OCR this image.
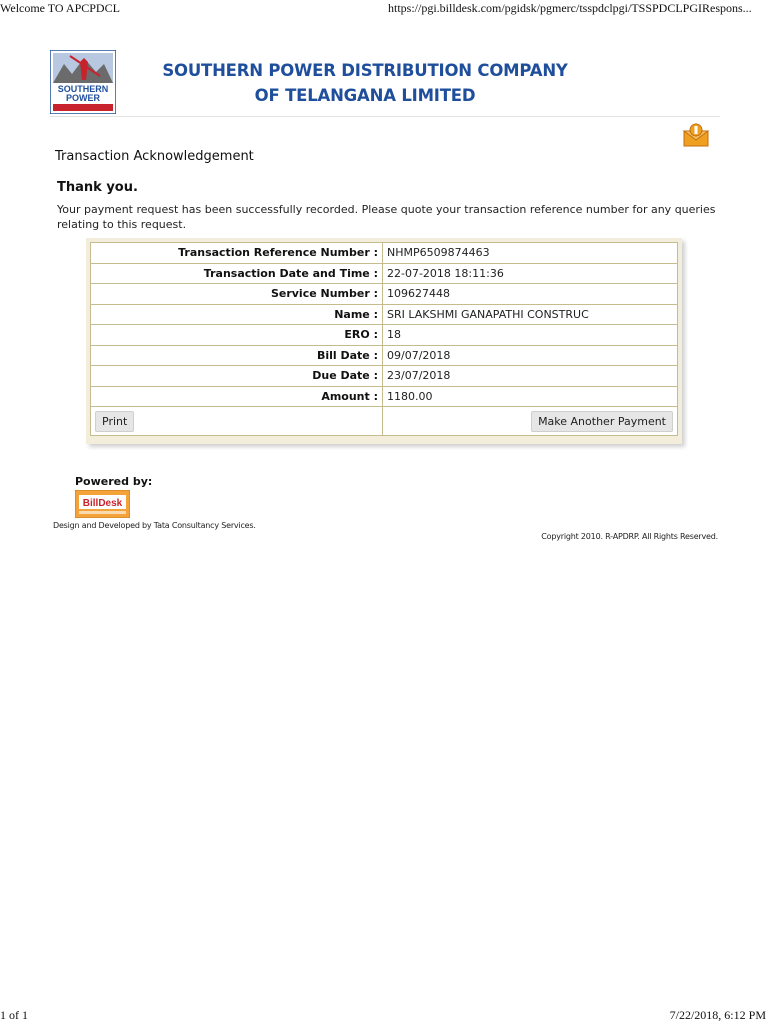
Welcome TO APCPDCL	https://pgi.billdesk.com/pgidsk/pgmerc/tsspdclpgi/TSSPDCLPGIRespons...
SOUTHERN
POWER
SOUTHERN POWER DISTRIBUTION COMPANY
OF TELANGANA LIMITED
Transaction Acknowledgement
Thank you.
Your payment request has been successfully recorded. Please quote your transaction reference number for any queries relating to this request.
Transaction Reference Number :	NHMP6509874463
Transaction Date and Time :	22-07-2018 18:11:36
Service Number :	109627448
Name :	SRI LAKSHMI GANAPATHI CONSTRUC
ERO :	18
Bill Date :	09/07/2018
Due Date :	23/07/2018
Amount :	1180.00
Print	Make Another Payment
Powered by:
BillDesk
Design and Developed by Tata Consultancy Services.
Copyright 2010. R-APDRP. All Rights Reserved.
1 of 1	7/22/2018, 6:12 PM
